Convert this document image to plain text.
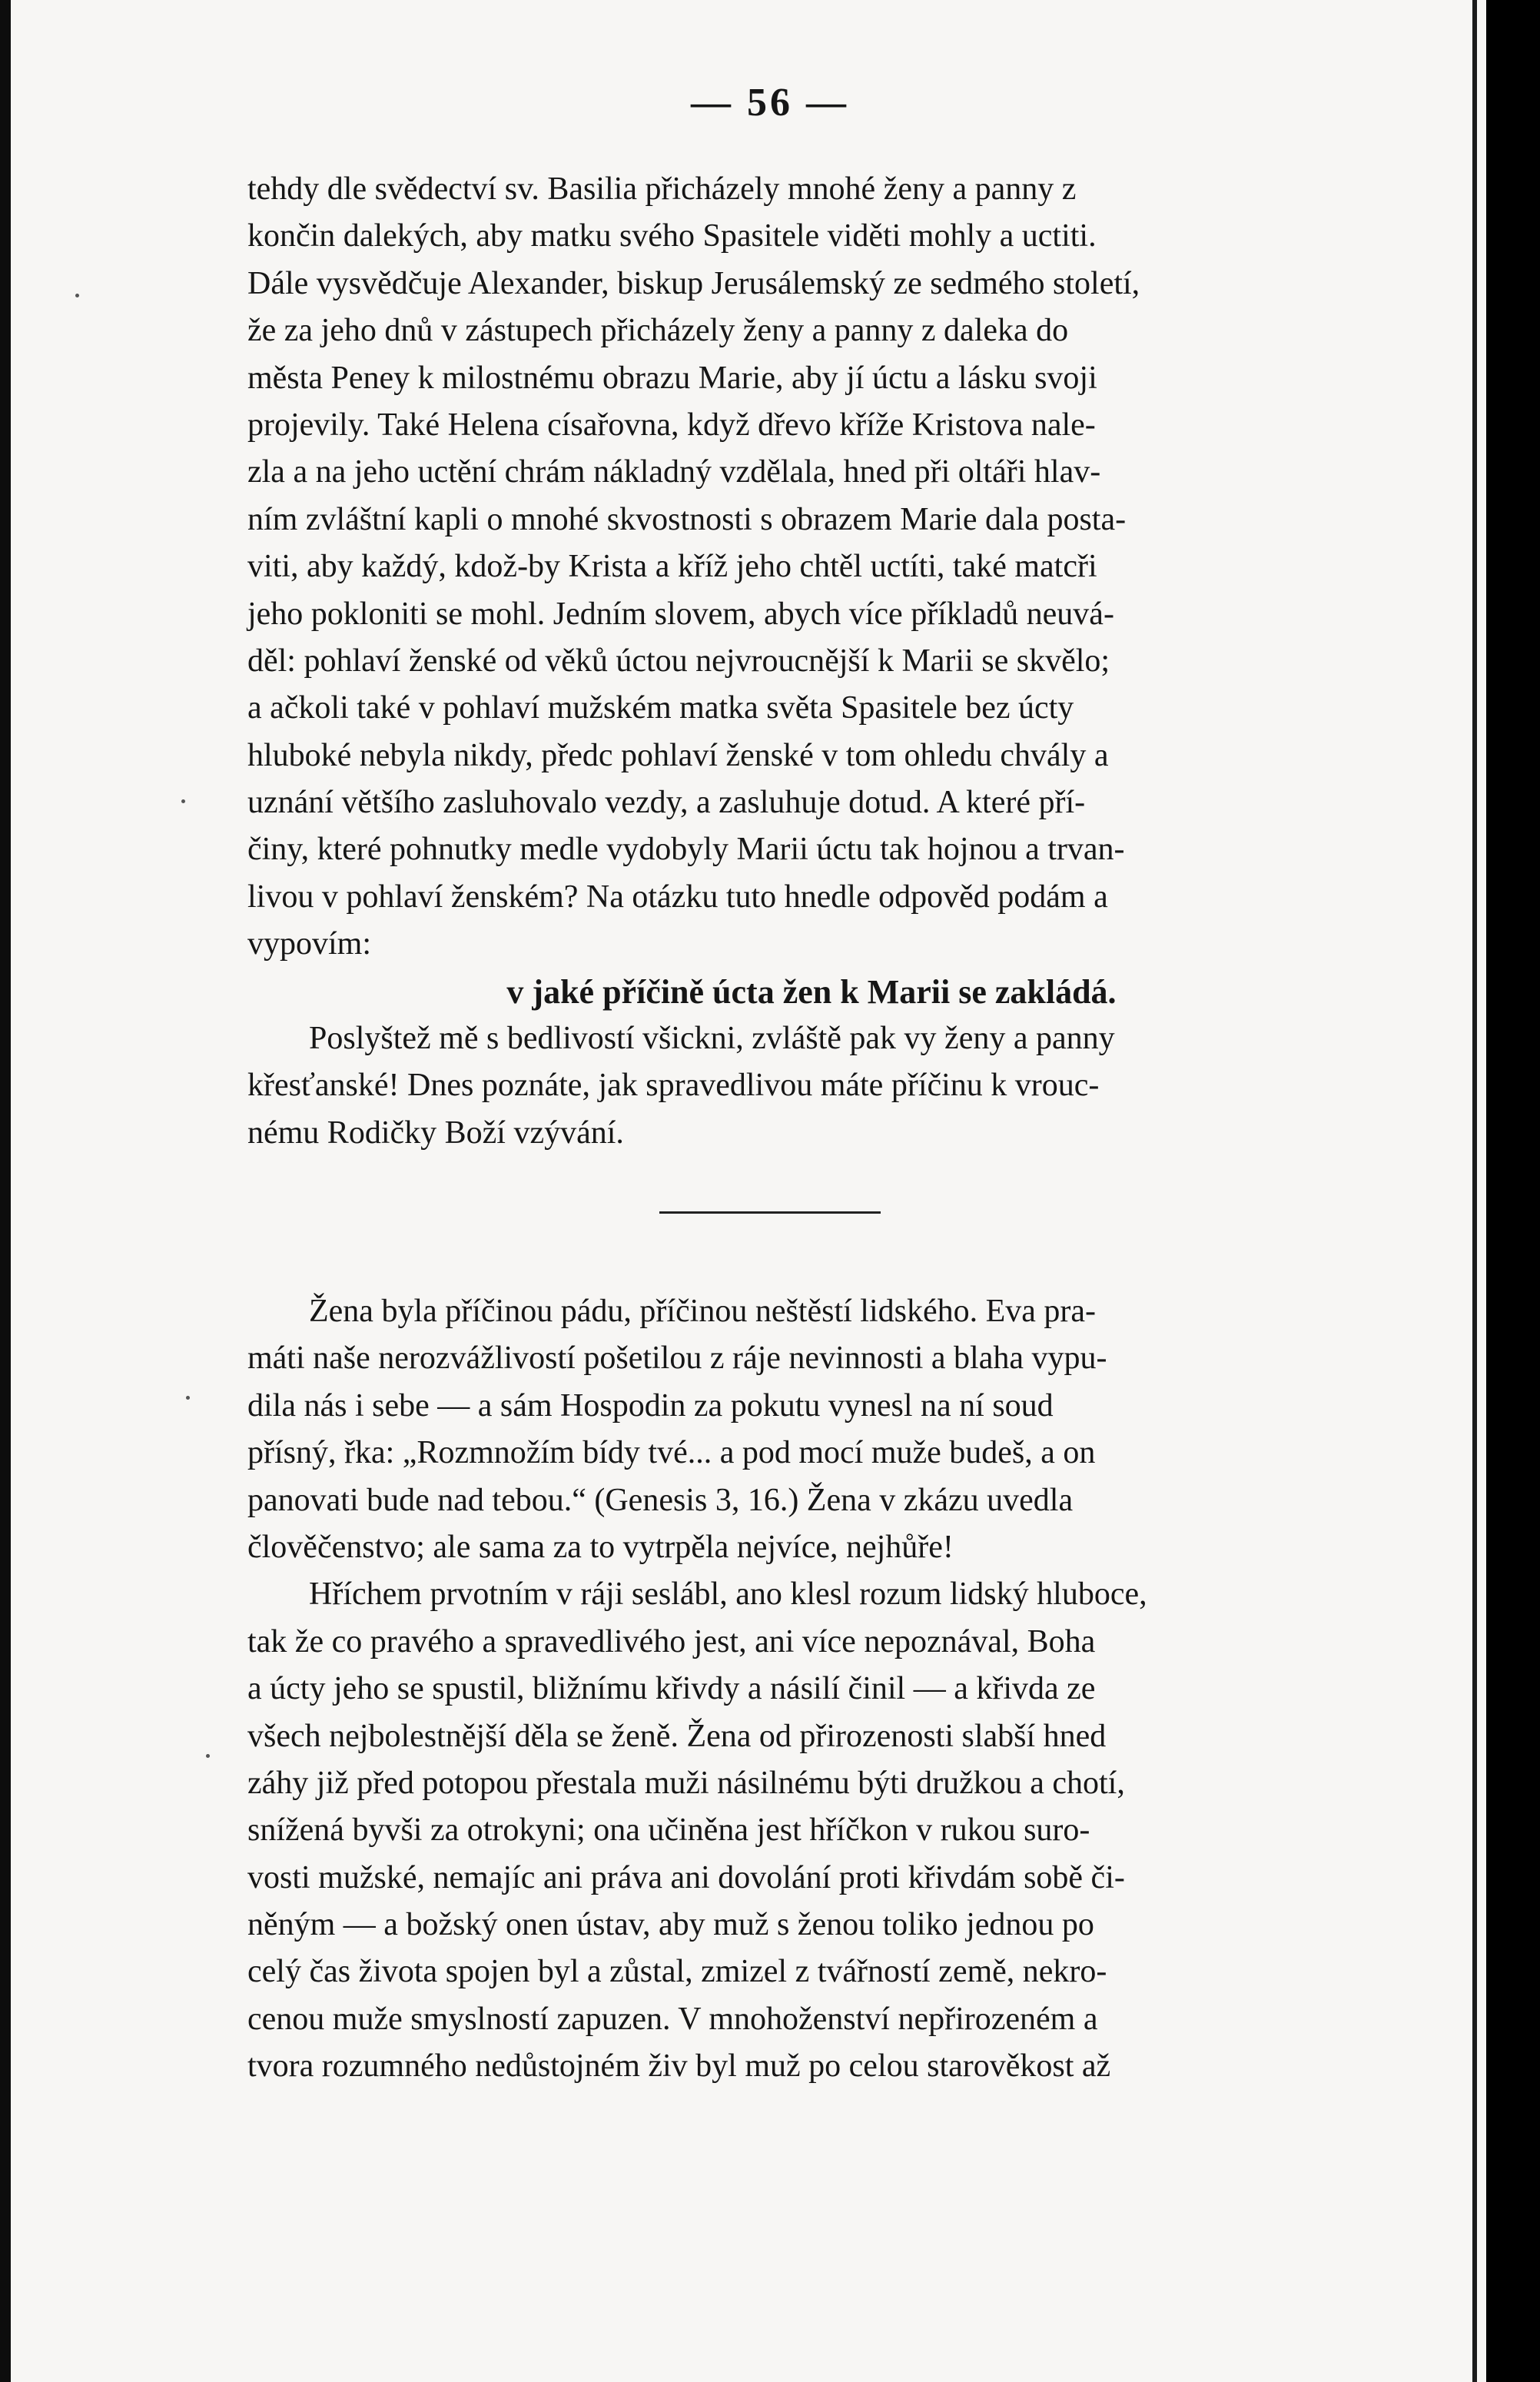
— 56 —
tehdy dle svědectví sv. Basilia přicházely mnohé ženy a panny z
končin dalekých, aby matku svého Spasitele viděti mohly a uctiti.
Dále vysvědčuje Alexander, biskup Jerusálemský ze sedmého století,
že za jeho dnů v zástupech přicházely ženy a panny z daleka do
města Peney k milostnému obrazu Marie, aby jí úctu a lásku svoji
projevily. Také Helena císařovna, když dřevo kříže Kristova nale-
zla a na jeho uctění chrám nákladný vzdělala, hned při oltáři hlav-
ním zvláštní kapli o mnohé skvostnosti s obrazem Marie dala posta-
viti, aby každý, kdož-by Krista a kříž jeho chtěl uctíti, také matcři
jeho pokloniti se mohl. Jedním slovem, abych více příkladů neuvá-
děl: pohlaví ženské od věků úctou nejvroucnější k Marii se skvělo;
a ačkoli také v pohlaví mužském matka světa Spasitele bez úcty
hluboké nebyla nikdy, předc pohlaví ženské v tom ohledu chvály a
uznání většího zasluhovalo vezdy, a zasluhuje dotud. A které pří-
činy, které pohnutky medle vydobyly Marii úctu tak hojnou a trvan-
livou v pohlaví ženském? Na otázku tuto hnedle odpověd podám a
vypovím:
v jaké příčině úcta žen k Marii se zakládá.
Poslyštež mě s bedlivostí všickni, zvláště pak vy ženy a panny
křesťanské! Dnes poznáte, jak spravedlivou máte příčinu k vrouc-
nému Rodičky Boží vzývání.
Žena byla příčinou pádu, příčinou neštěstí lidského. Eva pra-
máti naše nerozvážlivostí pošetilou z ráje nevinnosti a blaha vypu-
dila nás i sebe — a sám Hospodin za pokutu vynesl na ní soud
přísný, řka: „Rozmnožím bídy tvé... a pod mocí muže budeš, a on
panovati bude nad tebou.“ (Genesis 3, 16.) Žena v zkázu uvedla
člověčenstvo; ale sama za to vytrpěla nejvíce, nejhůře!
Hříchem prvotním v ráji seslábl, ano klesl rozum lidský hluboce,
tak že co pravého a spravedlivého jest, ani více nepoznával, Boha
a úcty jeho se spustil, bližnímu křivdy a násilí činil — a křivda ze
všech nejbolestnější děla se ženě. Žena od přirozenosti slabší hned
záhy již před potopou přestala muži násilnému býti družkou a chotí,
snížená byvši za otrokyni; ona učiněna jest hříčkon v rukou suro-
vosti mužské, nemajíc ani práva ani dovolání proti křivdám sobě či-
něným — a božský onen ústav, aby muž s ženou toliko jednou po
celý čas života spojen byl a zůstal, zmizel z tvářností země, nekro-
cenou muže smyslností zapuzen. V mnohoženství nepřirozeném a
tvora rozumného nedůstojném živ byl muž po celou starověkost až
